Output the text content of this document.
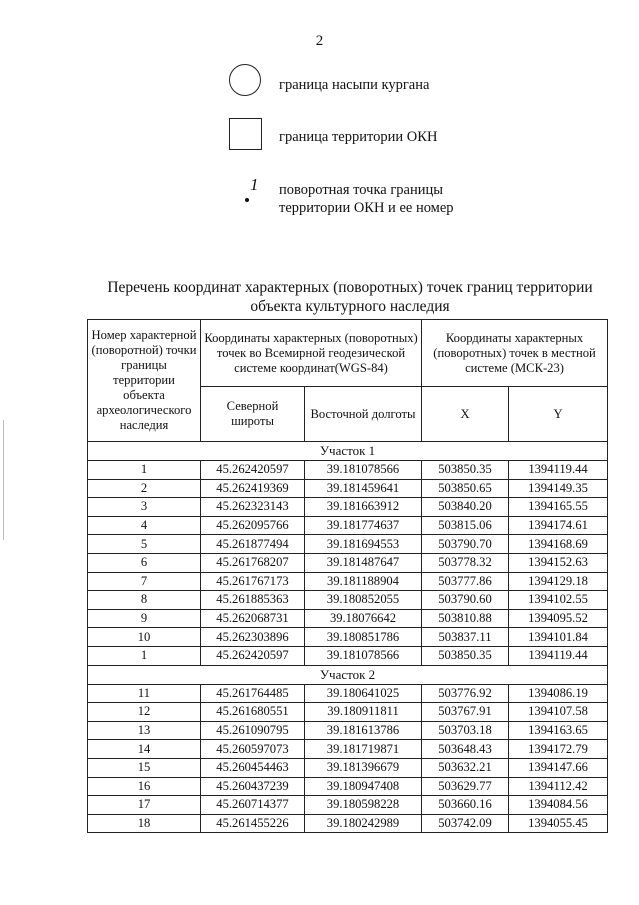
2
граница насыпи кургана
граница территории ОКН
1 поворотная точка границы
территории ОКН и ее номер
Перечень координат характерных (поворотных) точек границ территории
объекта культурного наследия
Номер характерной (поворотной) точки границы территории объекта археологического наследия	Координаты характерных (поворотных) точек во Всемирной геодезической системе координат(WGS-84)		Координаты характерных (поворотных) точек в местной системе (МСК-23)	
	Северной широты	Восточной долготы	X	Y
Участок 1				
1	45.262420597	39.181078566	503850.35	1394119.44
2	45.262419369	39.181459641	503850.65	1394149.35
3	45.262323143	39.181663912	503840.20	1394165.55
4	45.262095766	39.181774637	503815.06	1394174.61
5	45.261877494	39.181694553	503790.70	1394168.69
6	45.261768207	39.181487647	503778.32	1394152.63
7	45.261767173	39.181188904	503777.86	1394129.18
8	45.261885363	39.180852055	503790.60	1394102.55
9	45.262068731	39.18076642	503810.88	1394095.52
10	45.262303896	39.180851786	503837.11	1394101.84
1	45.262420597	39.181078566	503850.35	1394119.44
Участок 2				
11	45.261764485	39.180641025	503776.92	1394086.19
12	45.261680551	39.180911811	503767.91	1394107.58
13	45.261090795	39.181613786	503703.18	1394163.65
14	45.260597073	39.181719871	503648.43	1394172.79
15	45.260454463	39.181396679	503632.21	1394147.66
16	45.260437239	39.180947408	503629.77	1394112.42
17	45.260714377	39.180598228	503660.16	1394084.56
18	45.261455226	39.180242989	503742.09	1394055.45
